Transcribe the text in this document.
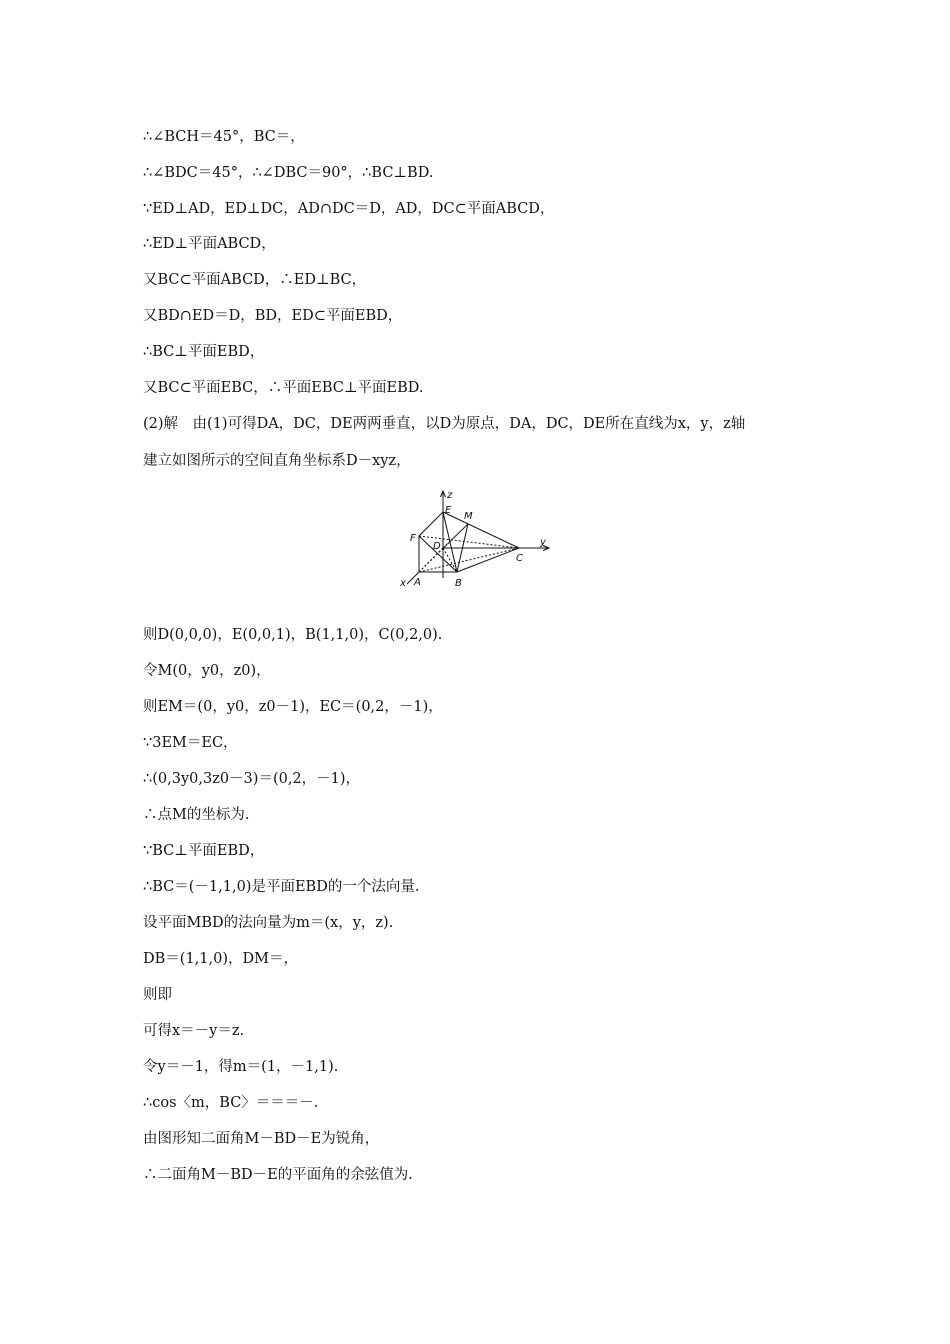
∴∠BCH＝45°，BC＝，
∴∠BDC＝45°，∴∠DBC＝90°，∴BC⊥BD.
∵ED⊥AD，ED⊥DC，AD∩DC＝D，AD，DC⊂平面ABCD，
∴ED⊥平面ABCD，
又BC⊂平面ABCD，∴ED⊥BC，
又BD∩ED＝D，BD，ED⊂平面EBD，
∴BC⊥平面EBD，
又BC⊂平面EBC，∴平面EBC⊥平面EBD.
(2)解　由(1)可得DA，DC，DE两两垂直，以D为原点，DA，DC，DE所在直线为x，y，z轴
建立如图所示的空间直角坐标系D－xyz，
z
y
x
E
M
F
D
C
A	B
则D(0,0,0)，E(0,0,1)，B(1,1,0)，C(0,2,0).
令M(0，y0，z0)，
则EM＝(0，y0，z0－1)，EC＝(0,2，－1)，
∵3EM＝EC，
∴(0,3y0,3z0－3)＝(0,2，－1)，
∴点M的坐标为.
∵BC⊥平面EBD，
∴BC＝(－1,1,0)是平面EBD的一个法向量.
设平面MBD的法向量为m＝(x，y，z).
DB＝(1,1,0)，DM＝，
则即
可得x＝－y＝z.
令y＝－1，得m＝(1，－1,1).
∴cos〈m，BC〉＝＝＝－.
由图形知二面角M－BD－E为锐角，
∴二面角M－BD－E的平面角的余弦值为.
